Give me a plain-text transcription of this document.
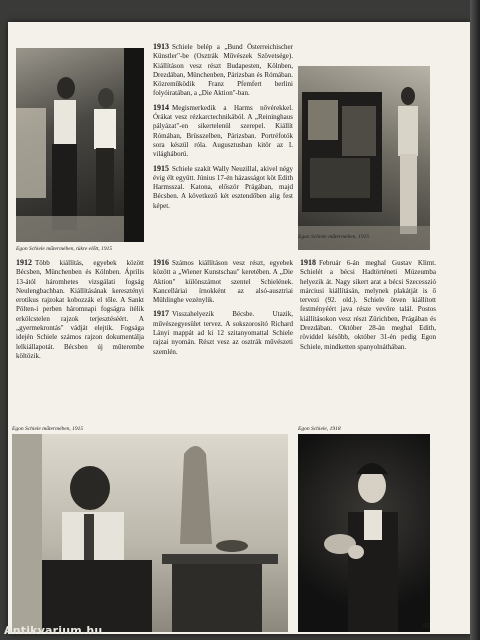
Egon Schiele műtermében, tükre előtt, 1915

1913 Schiele belép a „Bund Österreichischer Künstler"-be (Osztrák Művészek Szövetsége). Kiállításon vesz részt Budapesten, Kölnben, Drezdában, Münchenben, Párizsban és Rómában. Közreműködik Franz Pfemfert berlini folyóiratában, a „Die Aktion"-ban.

1914 Megismerkedik a Harms nővérekkel. Órákat vesz rézkarctechnikából. A „Reininghaus pályázat"-en sikertelenül szerepel. Kiállít Rómában, Brüsszelben, Párizsban. Portréfotók sora készül róla. Augusztusban kitör az I. világháború.

1915 Schiele szakít Wally Neuzillal, akivel négy évig élt együtt. Június 17-én házasságot köt Edith Harmsszal. Katona, először Prágában, majd Bécsben. A következő két esztendőben alig fest képet.

Egon Schiele műtermében, 1915

1912 Több kiállítás, egyebek között Bécsben, Münchenben és Kölnben. Április 13-ától háromhetes vizsgálati fogság Neulengbachban. Kiállításának keresztényi erotikus rajzokat kobozzák el tőle. A Sankt Pölten-i perben háromnapi fogságra ítélik erkölcstelen rajzok terjesztéséért. A „gyermekrontás" vádját elejtik. Fogsága idején Schiele számos rajzon dokumentálja lelkiállapotát. Bécsben új műterembe költözik.

1916 Számos kiállításon vesz részt, egyebek között a „Wiener Kunstschau" keretében. A „Die Aktion" különszámot szentel Schielének. Kancelláriai írnokként az alsó-ausztriai Mühlinghe vezénylik.

1917 Visszahelyezik Bécsbe. Utazik, művészegyesület tervez. A sokszorosító Richard Lányi mappát ad ki 12 szitanyomattal Schiele rajzai nyomán. Részt vesz az osztrák művészeti szemlén.

1918 Február 6-án meghal Gustav Klimt. Schielét a bécsi Hadtörténeti Múzeumba helyezik át. Nagy sikert arat a bécsi Szecesszió márciusi kiállításán, melynek plakátját is ő tervezi (92. old.). Schiele ötven kiállított festményéért java része vevőre talál. Postos kiállításokon vesz részt Zürichben, Prágában és Drezdában. Október 28-án meghal Edith, röviddel később, október 31-én pedig Egon Schiele, mindketten spanyolnáthában.

Egon Schiele műtermében, 1915	Egon Schiele, 1918
95
Antikvarium.hu
